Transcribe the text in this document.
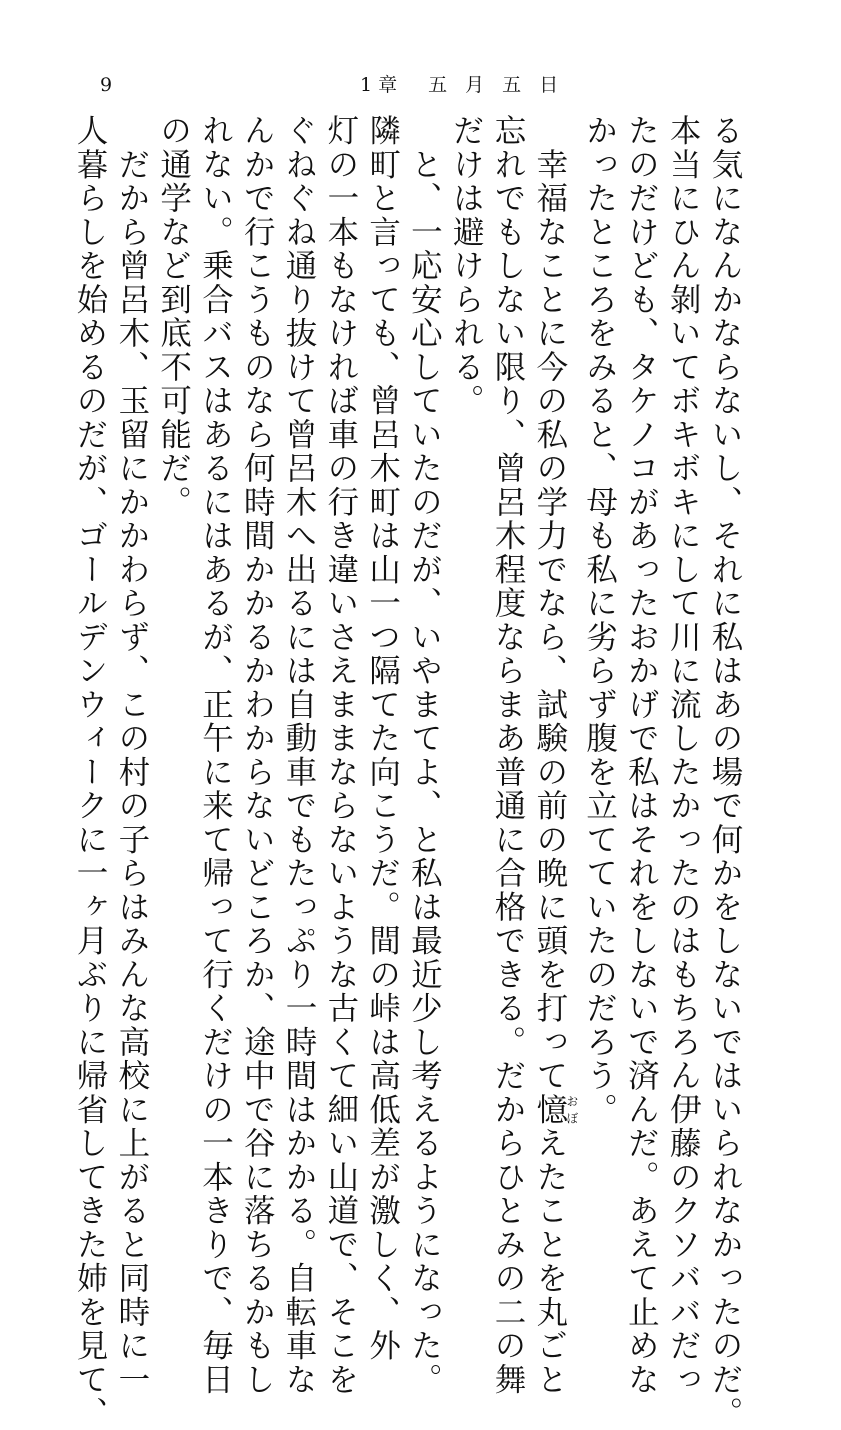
9	1章　五 月 五 日

る気になんかならないし、それに私はあの場で何かをしないではいられなかったのだ。

本当にひん剝いてボキボキにして川に流したかったのはもちろん伊藤のクソババだっ

たのだけども、タケノコがあったおかげで私はそれをしないで済んだ。あえて止めな

かったところをみると、母も私に劣らず腹を立てていたのだろう。

　幸福なことに今の私の学力でなら、試験の前の晩に頭を打って憶おぼえたことを丸ごと

忘れでもしない限り、曾呂木程度ならまあ普通に合格できる。だからひとみの二の舞

だけは避けられる。

　と、一応安心していたのだが、いやまてよ、と私は最近少し考えるようになった。

隣町と言っても、曾呂木町は山一つ隔てた向こうだ。間の峠は高低差が激しく、外

灯の一本もなければ車の行き違いさえままならないような古くて細い山道で、そこを

ぐねぐね通り抜けて曾呂木へ出るには自動車でもたっぷり一時間はかかる。自転車な

んかで行こうものなら何時間かかるかわからないどころか、途中で谷に落ちるかもし

れない。乗合バスはあるにはあるが、正午に来て帰って行くだけの一本きりで、毎日

の通学など到底不可能だ。

　だから曾呂木、玉留にかかわらず、この村の子らはみんな高校に上がると同時に一

人暮らしを始めるのだが、ゴールデンウィークに一ヶ月ぶりに帰省してきた姉を見て、
